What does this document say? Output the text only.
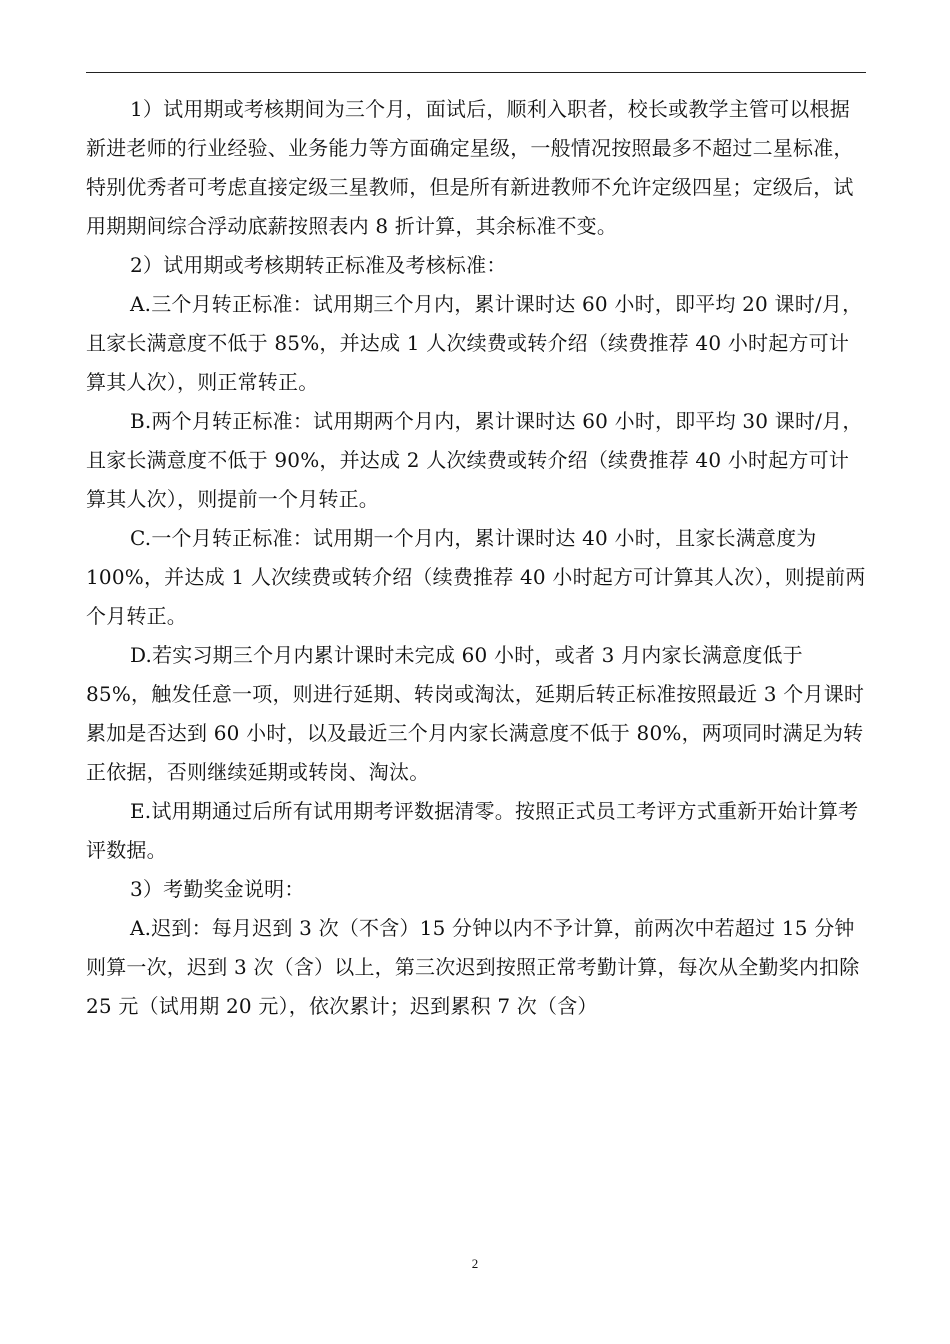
1）试用期或考核期间为三个月，面试后，顺利入职者，校长或教学主管可以根据新进老师的行业经验、业务能力等方面确定星级，一般情况按照最多不超过二星标准，特别优秀者可考虑直接定级三星教师，但是所有新进教师不允许定级四星；定级后，试用期期间综合浮动底薪按照表内 8 折计算，其余标准不变。

2）试用期或考核期转正标准及考核标准：

A.三个月转正标准：试用期三个月内，累计课时达 60 小时，即平均 20 课时/月，且家长满意度不低于 85%，并达成 1 人次续费或转介绍（续费推荐 40 小时起方可计算其人次），则正常转正。

B.两个月转正标准：试用期两个月内，累计课时达 60 小时，即平均 30 课时/月，且家长满意度不低于 90%，并达成 2 人次续费或转介绍（续费推荐 40 小时起方可计算其人次），则提前一个月转正。

C.一个月转正标准：试用期一个月内，累计课时达 40 小时，且家长满意度为 100%，并达成 1 人次续费或转介绍（续费推荐 40 小时起方可计算其人次），则提前两个月转正。

D.若实习期三个月内累计课时未完成 60 小时，或者 3 月内家长满意度低于 85%，触发任意一项，则进行延期、转岗或淘汰，延期后转正标准按照最近 3 个月课时累加是否达到 60 小时，以及最近三个月内家长满意度不低于 80%，两项同时满足为转正依据，否则继续延期或转岗、淘汰。

E.试用期通过后所有试用期考评数据清零。按照正式员工考评方式重新开始计算考评数据。

3）考勤奖金说明：

A.迟到：每月迟到 3 次（不含）15 分钟以内不予计算，前两次中若超过 15 分钟则算一次，迟到 3 次（含）以上，第三次迟到按照正常考勤计算，每次从全勤奖内扣除 25 元（试用期 20 元），依次累计；迟到累积 7 次（含）

2
